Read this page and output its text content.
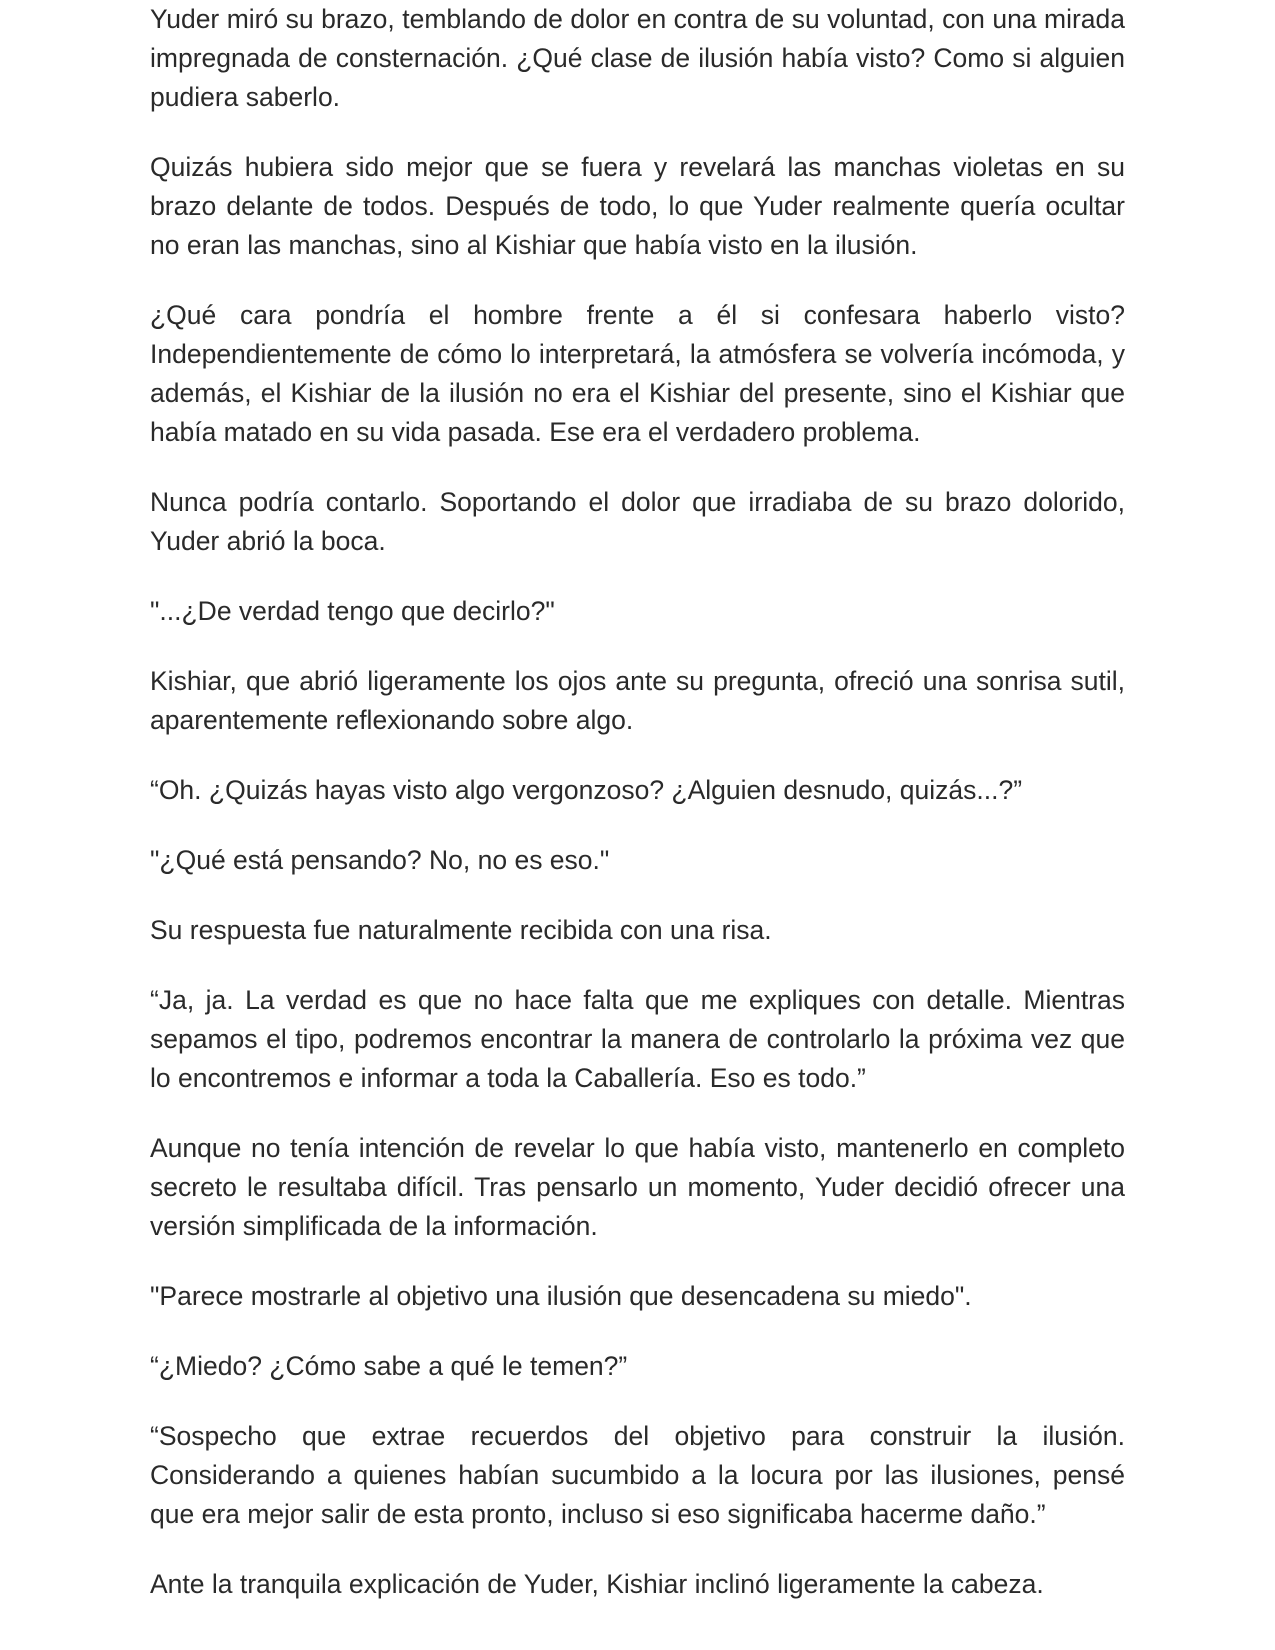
Yuder miró su brazo, temblando de dolor en contra de su voluntad, con una mirada impregnada de consternación. ¿Qué clase de ilusión había visto? Como si alguien pudiera saberlo.

Quizás hubiera sido mejor que se fuera y revelará las manchas violetas en su brazo delante de todos. Después de todo, lo que Yuder realmente quería ocultar no eran las manchas, sino al Kishiar que había visto en la ilusión.

¿Qué cara pondría el hombre frente a él si confesara haberlo visto? Independientemente de cómo lo interpretará, la atmósfera se volvería incómoda, y además, el Kishiar de la ilusión no era el Kishiar del presente, sino el Kishiar que había matado en su vida pasada. Ese era el verdadero problema.

Nunca podría contarlo. Soportando el dolor que irradiaba de su brazo dolorido, Yuder abrió la boca.

"...¿De verdad tengo que decirlo?"

Kishiar, que abrió ligeramente los ojos ante su pregunta, ofreció una sonrisa sutil, aparentemente reflexionando sobre algo.

“Oh. ¿Quizás hayas visto algo vergonzoso? ¿Alguien desnudo, quizás...?”

"¿Qué está pensando? No, no es eso."

Su respuesta fue naturalmente recibida con una risa.

“Ja, ja. La verdad es que no hace falta que me expliques con detalle. Mientras sepamos el tipo, podremos encontrar la manera de controlarlo la próxima vez que lo encontremos e informar a toda la Caballería. Eso es todo.”

Aunque no tenía intención de revelar lo que había visto, mantenerlo en completo secreto le resultaba difícil. Tras pensarlo un momento, Yuder decidió ofrecer una versión simplificada de la información.

"Parece mostrarle al objetivo una ilusión que desencadena su miedo".

“¿Miedo? ¿Cómo sabe a qué le temen?”

“Sospecho que extrae recuerdos del objetivo para construir la ilusión. Considerando a quienes habían sucumbido a la locura por las ilusiones, pensé que era mejor salir de esta pronto, incluso si eso significaba hacerme daño.”

Ante la tranquila explicación de Yuder, Kishiar inclinó ligeramente la cabeza.
